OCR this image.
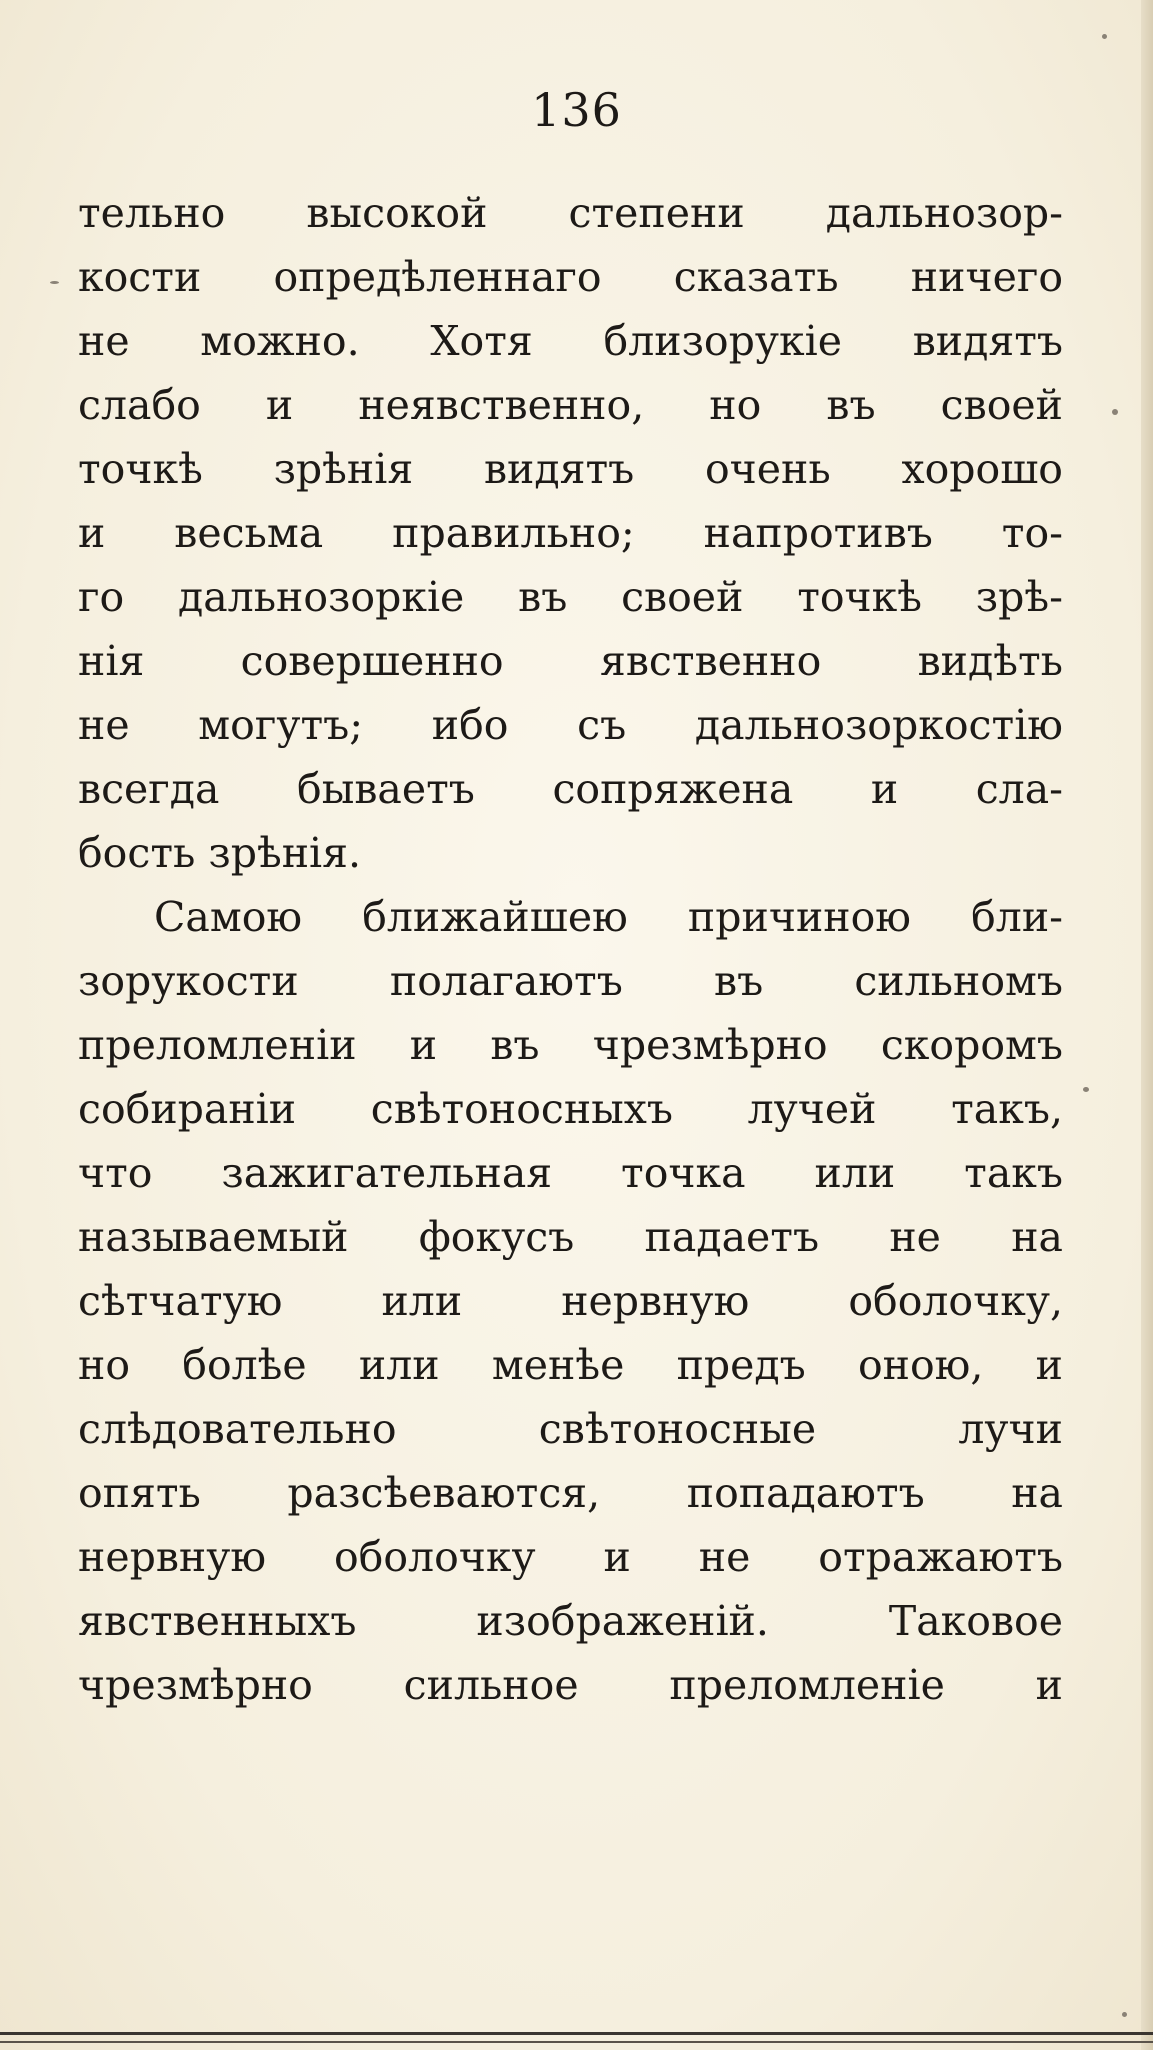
136
тельно высокой степени дальнозор-
кости опредѣленнаго сказать ничего
не можно. Хотя близорукіе видятъ
слабо и неявственно, но въ своей
точкѣ зрѣнія видятъ очень хорошо
и весьма правильно; напротивъ то-
го дальнозоркіе въ своей точкѣ зрѣ-
нія совершенно явственно видѣть
не могутъ; ибо съ дальнозоркостію
всегда бываетъ сопряжена и сла-
бость зрѣнія.
Самою ближайшею причиною бли-
зорукости полагаютъ въ сильномъ
преломленіи и въ чрезмѣрно скоромъ
собираніи свѣтоносныхъ лучей такъ,
что зажигательная точка или такъ
называемый фокусъ падаетъ не на
сѣтчатую или нервную оболочку,
но болѣе или менѣе предъ оною, и
слѣдовательно свѣтоносные лучи
опять разсѣеваются, попадаютъ на
нервную оболочку и не отражаютъ
явственныхъ изображеній. Таковое
чрезмѣрно сильное преломленіе и
